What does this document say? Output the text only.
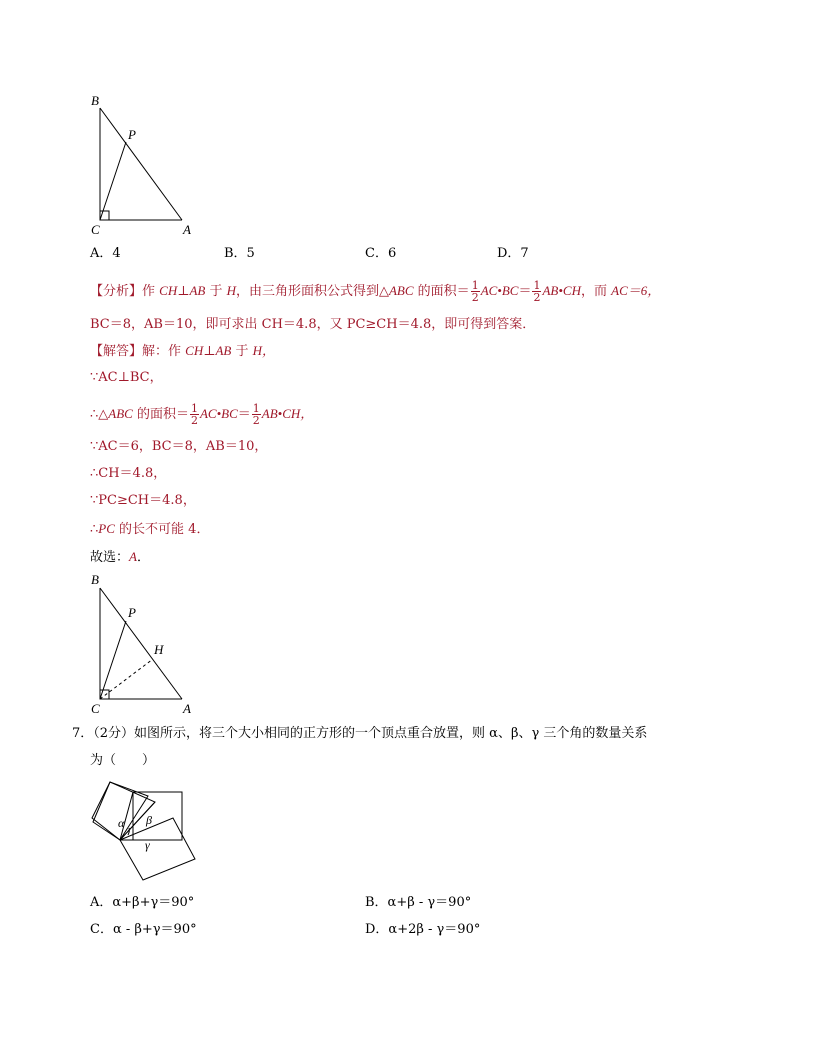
B
P
C	A
A．4	B．5	C．6	D．7
【分析】作 CH⊥AB 于 H，由三角形面积公式得到△ABC 的面积＝ $\frac{1}{2}$ AC•BC＝ $\frac{1}{2}$ AB•CH，而 AC＝6，
BC＝8，AB＝10，即可求出 CH＝4.8，又 PC≥CH＝4.8，即可得到答案．
【解答】解：作 CH⊥AB 于 H，
∵AC⊥BC，
∴△ABC 的面积＝ $\frac{1}{2}$ AC•BC＝ $\frac{1}{2}$ AB•CH，
∵AC＝6，BC＝8，AB＝10，
∴CH＝4.8，
∵PC≥CH＝4.8，
∴PC 的长不可能 4．
故选：A．
B
P
H
C	A
7．（2分）如图所示，将三个大小相同的正方形的一个顶点重合放置，则 α、β、γ 三个角的数量关系
为（　　）
α β
γ
A．α+β+γ＝90°	B．α+β - γ＝90°
C．α - β+γ＝90°	D．α+2β - γ＝90°
